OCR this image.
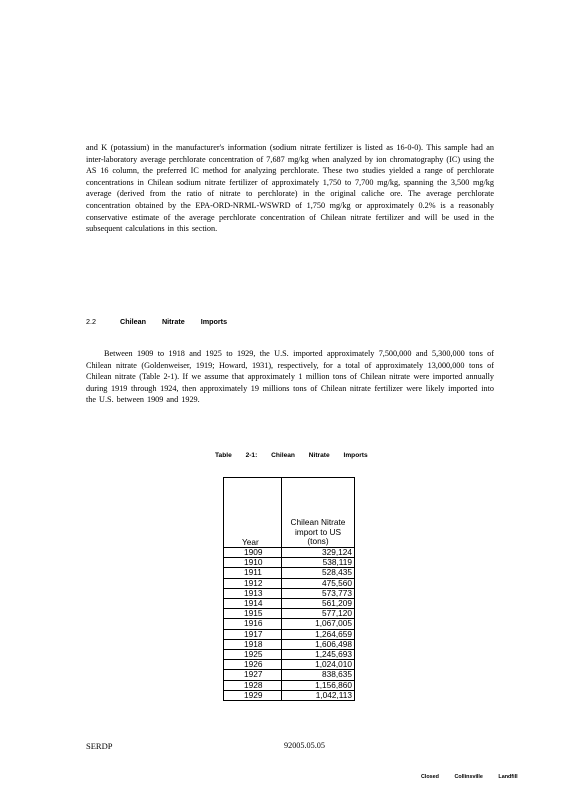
and K (potassium) in the manufacturer's information (sodium nitrate fertilizer is listed as 16-0-0). This sample had an inter-laboratory average perchlorate concentration of 7,687 mg/kg when analyzed by ion chromatography (IC) using the AS 16 column, the preferred IC method for analyzing perchlorate. These two studies yielded a range of perchlorate concentrations in Chilean sodium nitrate fertilizer of approximately 1,750 to 7,700 mg/kg, spanning the 3,500 mg/kg average (derived from the ratio of nitrate to perchlorate) in the original caliche ore. The average perchlorate concentration obtained by the EPA-ORD-NRML-WSWRD of 1,750 mg/kg or approximately 0.2% is a reasonably conservative estimate of the average perchlorate concentration of Chilean nitrate fertilizer and will be used in the subsequent calculations in this section.
2.2	Chilean Nitrate Imports
Between 1909 to 1918 and 1925 to 1929, the U.S. imported approximately 7,500,000 and 5,300,000 tons of Chilean nitrate (Goldenweiser, 1919; Howard, 1931), respectively, for a total of approximately 13,000,000 tons of Chilean nitrate (Table 2-1). If we assume that approximately 1 million tons of Chilean nitrate were imported annually during 1919 through 1924, then approximately 19 millions tons of Chilean nitrate fertilizer were likely imported into the U.S. between 1909 and 1929.
Table 2-1: Chilean Nitrate Imports
Year	Chilean Nitrate import to US (tons)
1909	329,124
1910	538,119
1911	528,435
1912	475,560
1913	573,773
1914	561,209
1915	577,120
1916	1,067,005
1917	1,264,659
1918	1,606,498
1925	1,245,693
1926	1,024,010
1927	838,635
1928	1,156,860
1929	1,042,113
SERDP	92005.05.05
Closed Collinsville Landfill
